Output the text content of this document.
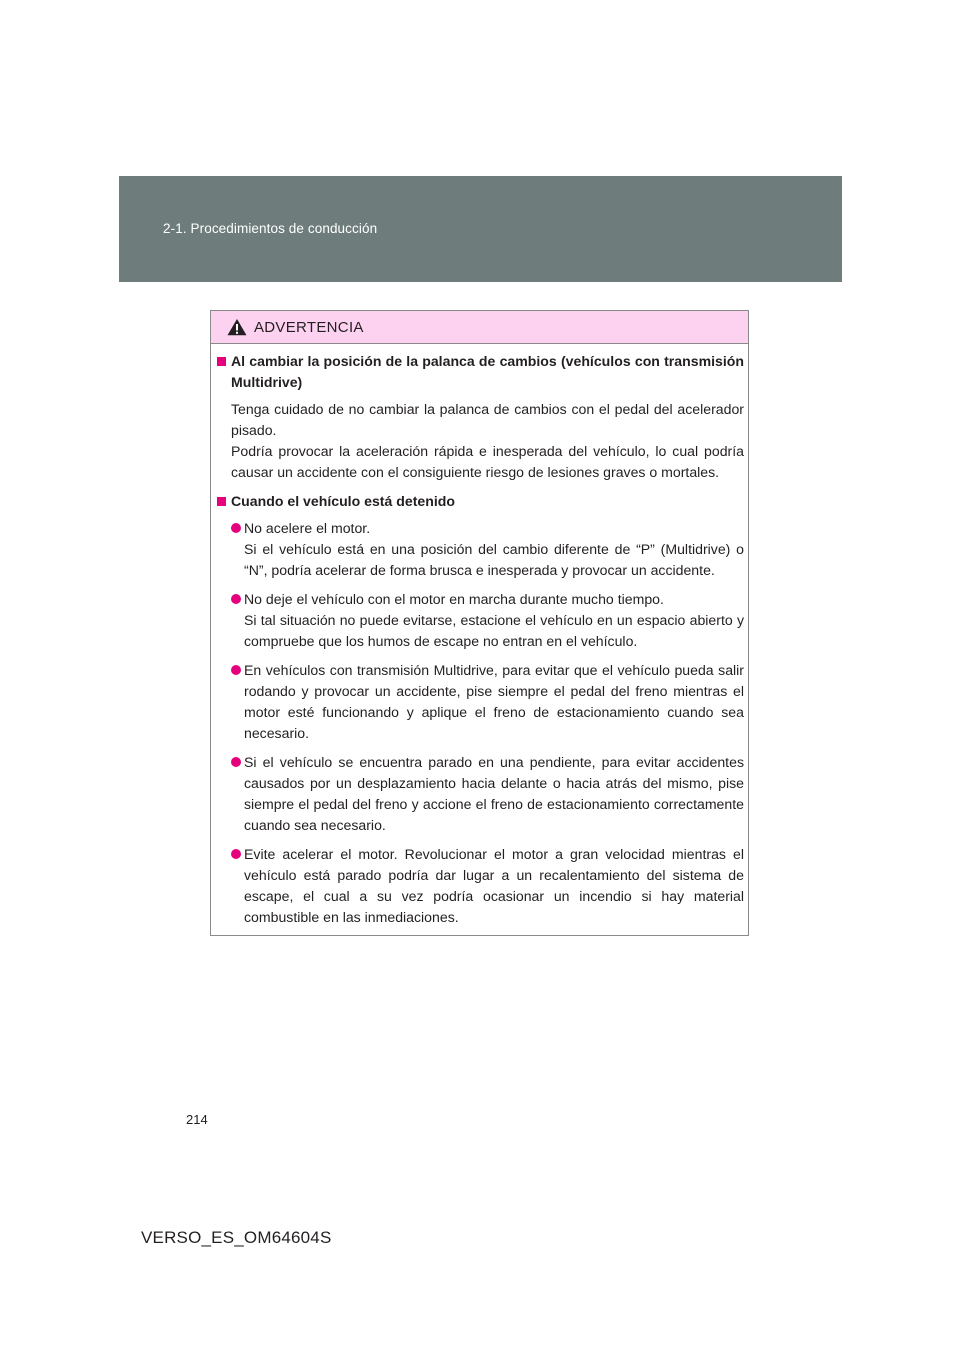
2-1. Procedimientos de conducción
ADVERTENCIA
Al cambiar la posición de la palanca de cambios (vehículos con transmisión Multidrive)
Tenga cuidado de no cambiar la palanca de cambios con el pedal del acelerador pisado.
Podría provocar la aceleración rápida e inesperada del vehículo, lo cual podría causar un accidente con el consiguiente riesgo de lesiones graves o mortales.
Cuando el vehículo está detenido
No acelere el motor.
Si el vehículo está en una posición del cambio diferente de “P” (Multidrive) o “N”, podría acelerar de forma brusca e inesperada y provocar un accidente.
No deje el vehículo con el motor en marcha durante mucho tiempo.
Si tal situación no puede evitarse, estacione el vehículo en un espacio abierto y compruebe que los humos de escape no entran en el vehículo.
En vehículos con transmisión Multidrive, para evitar que el vehículo pueda salir rodando y provocar un accidente, pise siempre el pedal del freno mientras el motor esté funcionando y aplique el freno de estacionamiento cuando sea necesario.
Si el vehículo se encuentra parado en una pendiente, para evitar accidentes causados por un desplazamiento hacia delante o hacia atrás del mismo, pise siempre el pedal del freno y accione el freno de estacionamiento correctamente cuando sea necesario.
Evite acelerar el motor. Revolucionar el motor a gran velocidad mientras el vehículo está parado podría dar lugar a un recalentamiento del sistema de escape, el cual a su vez podría ocasionar un incendio si hay material combustible en las inmediaciones.
214
VERSO_ES_OM64604S
